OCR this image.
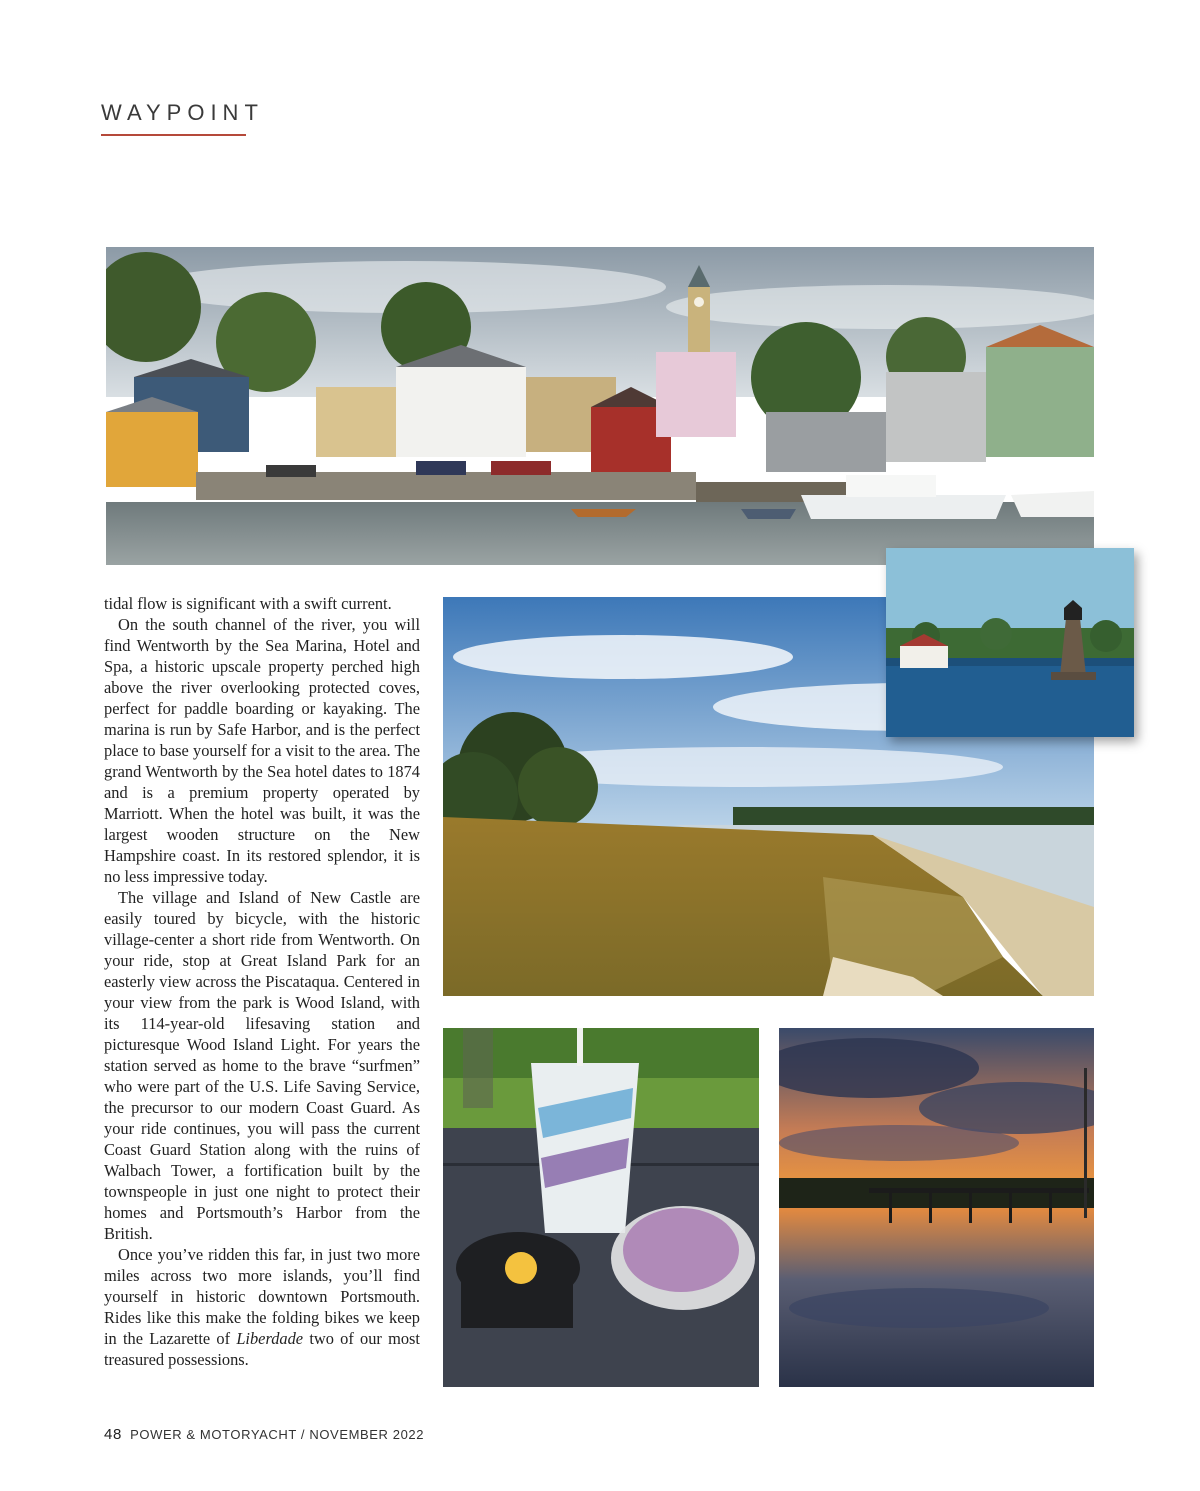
WAYPOINT

tidal flow is significant with a swift current.

On the south channel of the river, you will find Wentworth by the Sea Marina, Hotel and Spa, a historic upscale property perched high above the river overlooking protected coves, perfect for paddle boarding or kayaking. The marina is run by Safe Harbor, and is the perfect place to base yourself for a visit to the area. The grand Wentworth by the Sea hotel dates to 1874 and is a premium property operated by Marriott. When the hotel was built, it was the largest wooden structure on the New Hampshire coast. In its restored splendor, it is no less impressive today.

The village and Island of New Castle are easily toured by bicycle, with the historic village-center a short ride from Wentworth. On your ride, stop at Great Island Park for an easterly view across the Piscataqua. Centered in your view from the park is Wood Island, with its 114-year-old lifesaving station and picturesque Wood Island Light. For years the station served as home to the brave “surfmen” who were part of the U.S. Life Saving Service, the precursor to our modern Coast Guard. As your ride continues, you will pass the current Coast Guard Station along with the ruins of Walbach Tower, a fortification built by the townspeople in just one night to protect their homes and Portsmouth’s Harbor from the British.

Once you’ve ridden this far, in just two more miles across two more islands, you’ll find yourself in historic downtown Portsmouth. Rides like this make the folding bikes we keep in the Lazarette of Liberdade two of our most treasured possessions.

48 POWER & MOTORYACHT / NOVEMBER 2022
